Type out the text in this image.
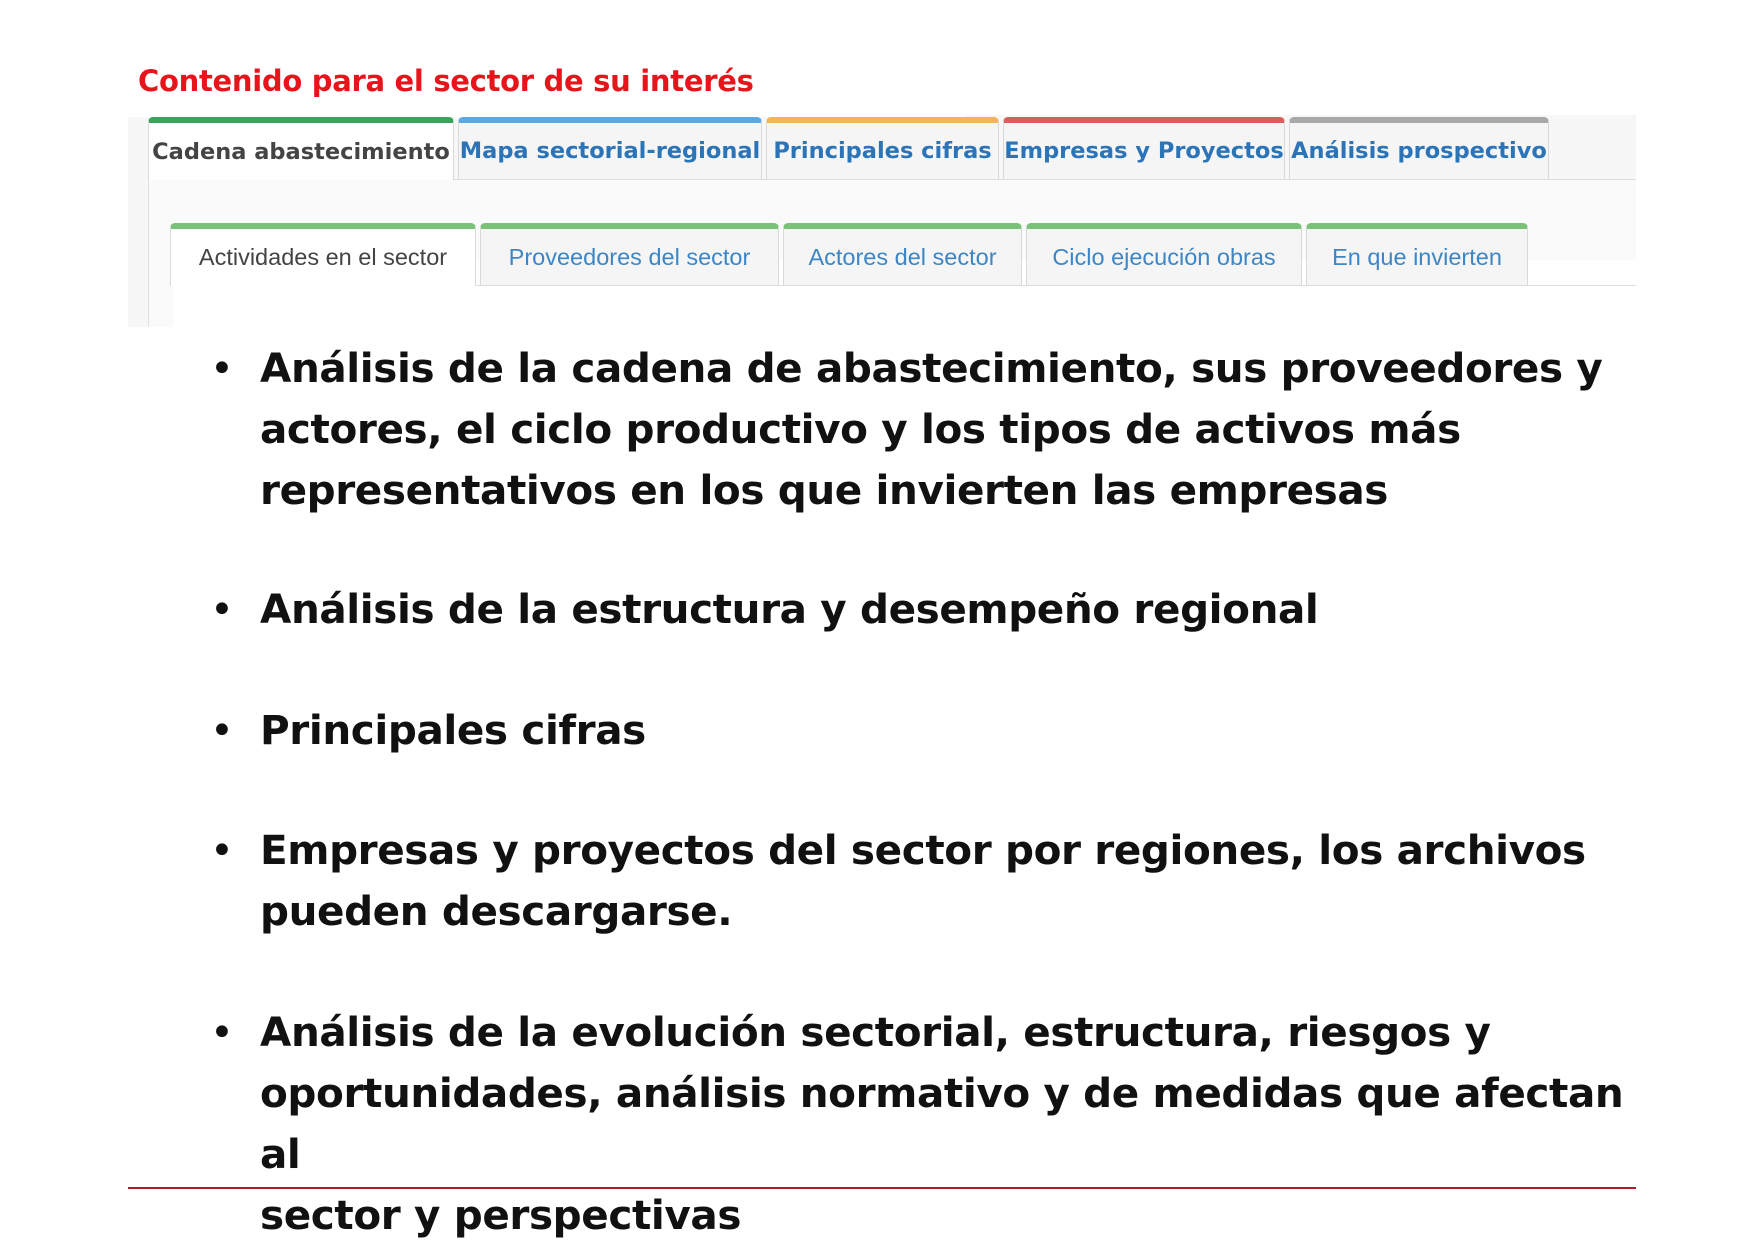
Cadena abastecimiento Mapa sectorial-regional Principales cifras Empresas y Proyectos Análisis prospectivo
Actividades en el sector	Proveedores del sector Actores del sector Ciclo ejecución obras En que invierten
Contenido para el sector de su interés
• Análisis de la cadena de abastecimiento, sus proveedores y
actores, el ciclo productivo y los tipos de activos más
representativos en los que invierten las empresas
• Análisis de la estructura y desempeño regional
• Principales cifras
• Empresas y proyectos del sector por regiones, los archivos
pueden descargarse.
• Análisis de la evolución sectorial, estructura, riesgos y
oportunidades, análisis normativo y de medidas que afectan al
sector y perspectivas
